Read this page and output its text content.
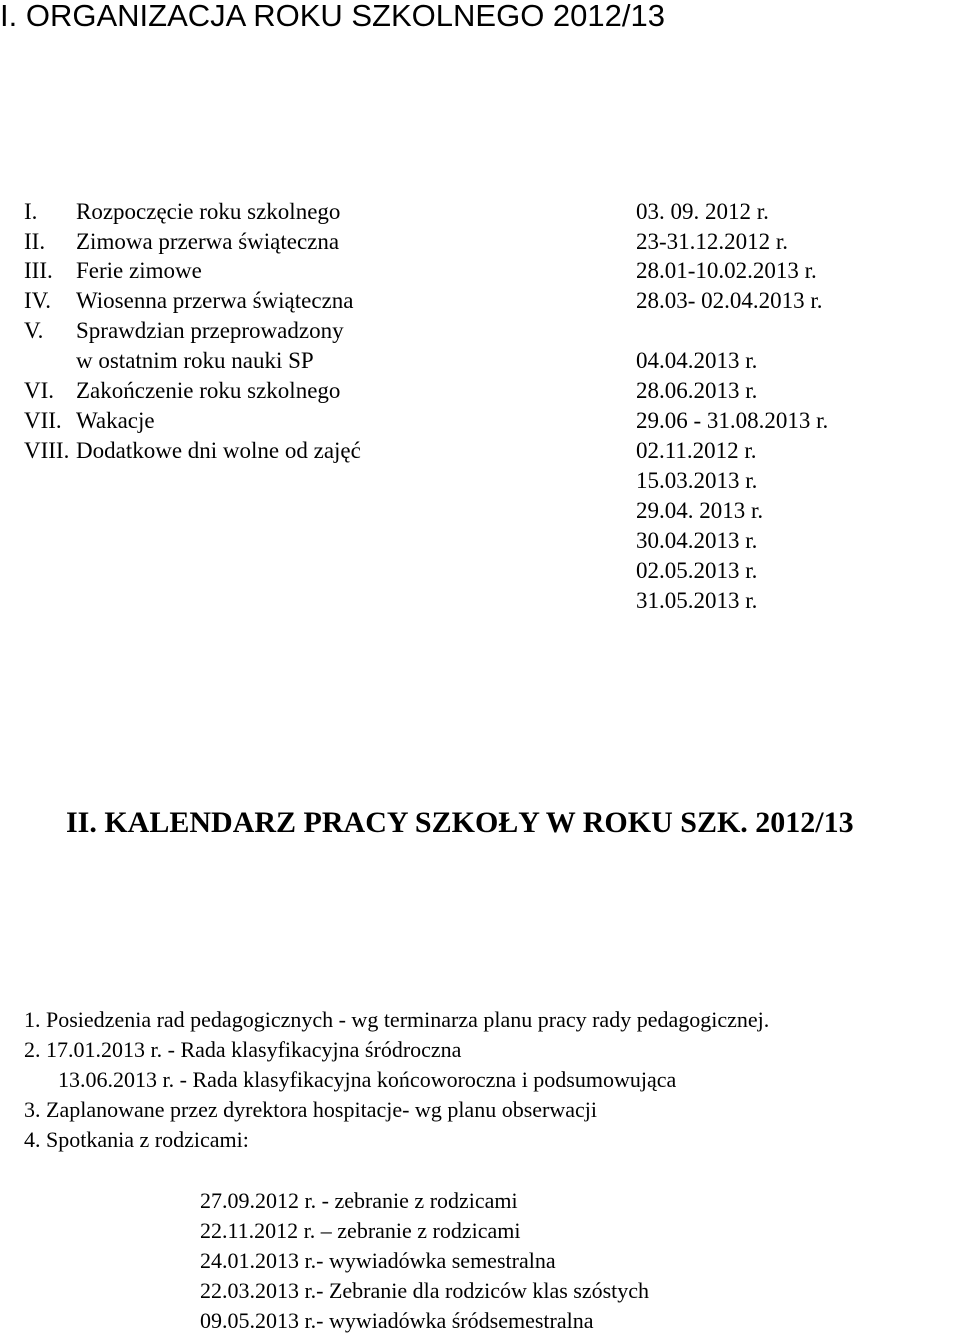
I. ORGANIZACJA ROKU SZKOLNEGO 2012/13
I. Rozpoczęcie roku szkolnego	03. 09. 2012 r.
II. Zimowa przerwa świąteczna	23-31.12.2012 r.
III. Ferie zimowe	28.01-10.02.2013 r.
IV. Wiosenna przerwa świąteczna	28.03- 02.04.2013 r.
V. Sprawdzian przeprowadzony
w ostatnim roku nauki SP	04.04.2013 r.
VI. Zakończenie roku szkolnego	28.06.2013 r.
VII. Wakacje	29.06 - 31.08.2013 r.
VIII. Dodatkowe dni wolne od zajęć	02.11.2012 r.
15.03.2013 r.
29.04. 2013 r.
30.04.2013 r.
02.05.2013 r.
31.05.2013 r.
II. KALENDARZ PRACY SZKOŁY W ROKU SZK. 2012/13
1. Posiedzenia rad pedagogicznych - wg terminarza planu pracy rady pedagogicznej.
2. 17.01.2013 r. - Rada klasyfikacyjna śródroczna
13.06.2013 r. - Rada klasyfikacyjna końcoworoczna i podsumowująca
3. Zaplanowane przez dyrektora hospitacje- wg planu obserwacji
4. Spotkania z rodzicami:
27.09.2012 r. - zebranie z rodzicami
22.11.2012 r. – zebranie z rodzicami
24.01.2013 r.- wywiadówka semestralna
22.03.2013 r.- Zebranie dla rodziców klas szóstych
09.05.2013 r.- wywiadówka śródsemestralna
